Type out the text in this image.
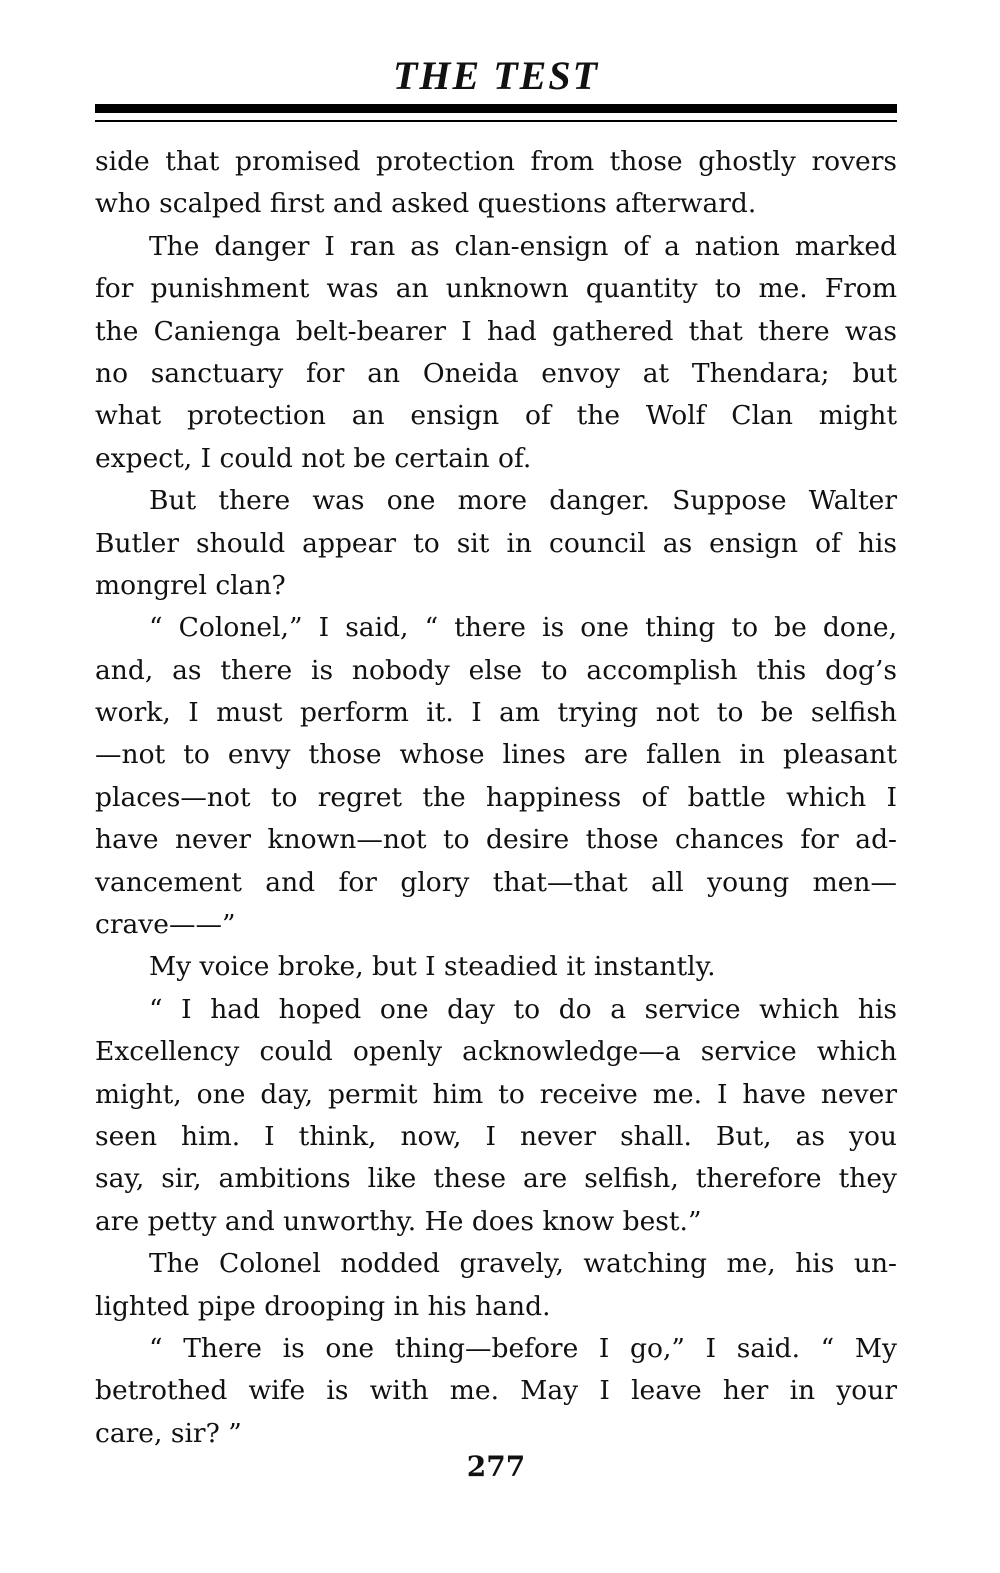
THE TEST
side that promised protection from those ghostly rovers
who scalped first and asked questions afterward.
The danger I ran as clan-ensign of a nation marked
for punishment was an unknown quantity to me. From
the Canienga belt-bearer I had gathered that there was
no sanctuary for an Oneida envoy at Thendara; but
what protection an ensign of the Wolf Clan might
expect, I could not be certain of.
But there was one more danger. Suppose Walter
Butler should appear to sit in council as ensign of his
mongrel clan?
“ Colonel,” I said, “ there is one thing to be done,
and, as there is nobody else to accomplish this dog’s
work, I must perform it. I am trying not to be selfish
—not to envy those whose lines are fallen in pleasant
places—not to regret the happiness of battle which I
have never known—not to desire those chances for ad-
vancement and for glory that—that all young men—
crave——”
My voice broke, but I steadied it instantly.
“ I had hoped one day to do a service which his
Excellency could openly acknowledge—a service which
might, one day, permit him to receive me. I have never
seen him. I think, now, I never shall. But, as you
say, sir, ambitions like these are selfish, therefore they
are petty and unworthy. He does know best.”
The Colonel nodded gravely, watching me, his un-
lighted pipe drooping in his hand.
“ There is one thing—before I go,” I said. “ My
betrothed wife is with me. May I leave her in your
care, sir? ”
277
